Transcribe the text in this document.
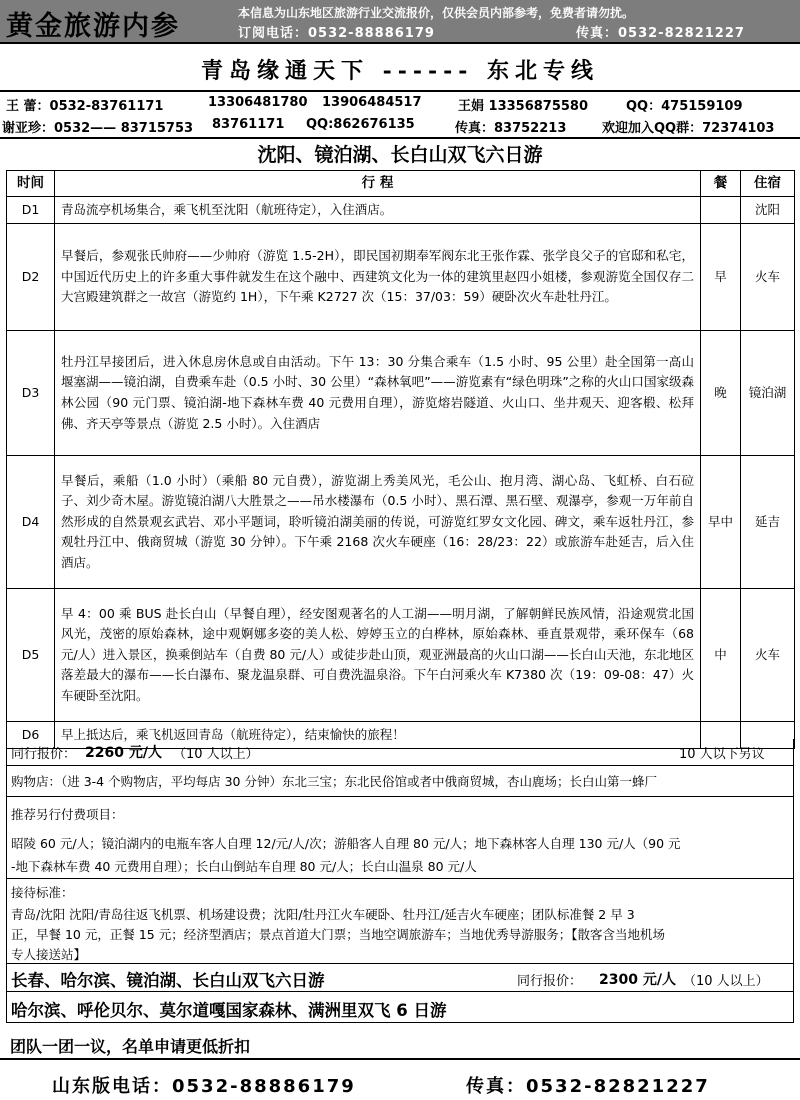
黄金旅游内参	本信息为山东地区旅游行业交流报价，仅供会员内部参考，免费者请勿扰。
订阅电话：0532-88886179	传真：0532-82821227
青岛缘通天下 ------ 东北专线
王 蕾：0532-83761171	13306481780 13906484517	王娟 13356875580	QQ：475159109
谢亚珍：0532—— 83715753 83761171 QQ:862676135	传真：83752213	欢迎加入QQ群：72374103
沈阳、镜泊湖、长白山双飞六日游
时间	行 程	餐	住宿
D1	青岛流亭机场集合，乘飞机至沈阳（航班待定），入住酒店。		沈阳
D2	早餐后，参观张氏帅府——少帅府（游览 1.5-2H），即民国初期奉军阀东北王张作霖、张学良父子的官邸和私宅，中国近代历史上的许多重大事件就发生在这个融中、西建筑文化为一体的建筑里赵四小姐楼，参观游览全国仅存二大宫殿建筑群之一故宫（游览约 1H），下午乘 K2727 次（15：37/03：59）硬卧次火车赴牡丹江。	早	火车
D3	牡丹江早接团后，进入休息房休息或自由活动。下午 13：30 分集合乘车（1.5 小时、95 公里）赴全国第一高山堰塞湖——镜泊湖，自费乘车赴（0.5 小时、30 公里）“森林氧吧”——游览素有“绿色明珠”之称的火山口国家级森林公园（90 元门票、镜泊湖-地下森林车费 40 元费用自理），游览熔岩隧道、火山口、坐井观天、迎客椴、松拜佛、齐天亭等景点（游览 2.5 小时）。入住酒店	晚	镜泊湖
D4	早餐后，乘船（1.0 小时）（乘船 80 元自费），游览湖上秀美风光，毛公山、抱月湾、湖心岛、飞虹桥、白石砬子、刘少奇木屋。游览镜泊湖八大胜景之——吊水楼瀑布（0.5 小时）、黑石潭、黑石壁、观瀑亭，参观一万年前自然形成的自然景观玄武岩、邓小平题词，聆听镜泊湖美丽的传说，可游览红罗女文化园、碑文，乘车返牡丹江，参观牡丹江中、俄商贸城（游览 30 分钟）。下午乘 2168 次火车硬座（16：28/23：22）或旅游车赴延吉，后入住酒店。	早中	延吉
D5	早 4：00 乘 BUS 赴长白山（早餐自理），经安图观著名的人工湖——明月湖，了解朝鲜民族风情，沿途观赏北国风光，茂密的原始森林，途中观婀娜多姿的美人松、婷婷玉立的白桦林，原始森林、垂直景观带，乘环保车（68 元/人）进入景区，换乘倒站车（自费 80 元/人）或徒步赴山顶，观亚洲最高的火山口湖——长白山天池，东北地区落差最大的瀑布——长白瀑布、聚龙温泉群、可自费洗温泉浴。下午白河乘火车 K7380 次（19：09-08：47）火车硬卧至沈阳。	中	火车
D6	早上抵达后，乘飞机返回青岛（航班待定），结束愉快的旅程！		
同行报价： 2260 元/人 （10 人以上）	10 人以下另议
购物店：（进 3-4 个购物店，平均每店 30 分钟）东北三宝；东北民俗馆或者中俄商贸城，杏山鹿场；长白山第一蜂厂
推荐另行付费项目：
昭陵 60 元/人；镜泊湖内的电瓶车客人自理 12/元/人/次；游船客人自理 80 元/人；地下森林客人自理 130 元/人（90 元
-地下森林车费 40 元费用自理）；长白山倒站车自理 80 元/人；长白山温泉 80 元/人
接待标准：
青岛/沈阳 沈阳/青岛往返飞机票、机场建设费；沈阳/牡丹江火车硬卧、牡丹江/延吉火车硬座；团队标准餐 2 早 3
正，早餐 10 元，正餐 15 元；经济型酒店；景点首道大门票；当地空调旅游车；当地优秀导游服务；【散客含当地机场
专人接送站】
长春、哈尔滨、镜泊湖、长白山双飞六日游	同行报价： 2300 元/人 （10 人以上）
哈尔滨、呼伦贝尔、莫尔道嘎国家森林、满洲里双飞 6 日游
团队一团一议，名单申请更低折扣
山东版电话：0532-88886179	传真：0532-82821227
